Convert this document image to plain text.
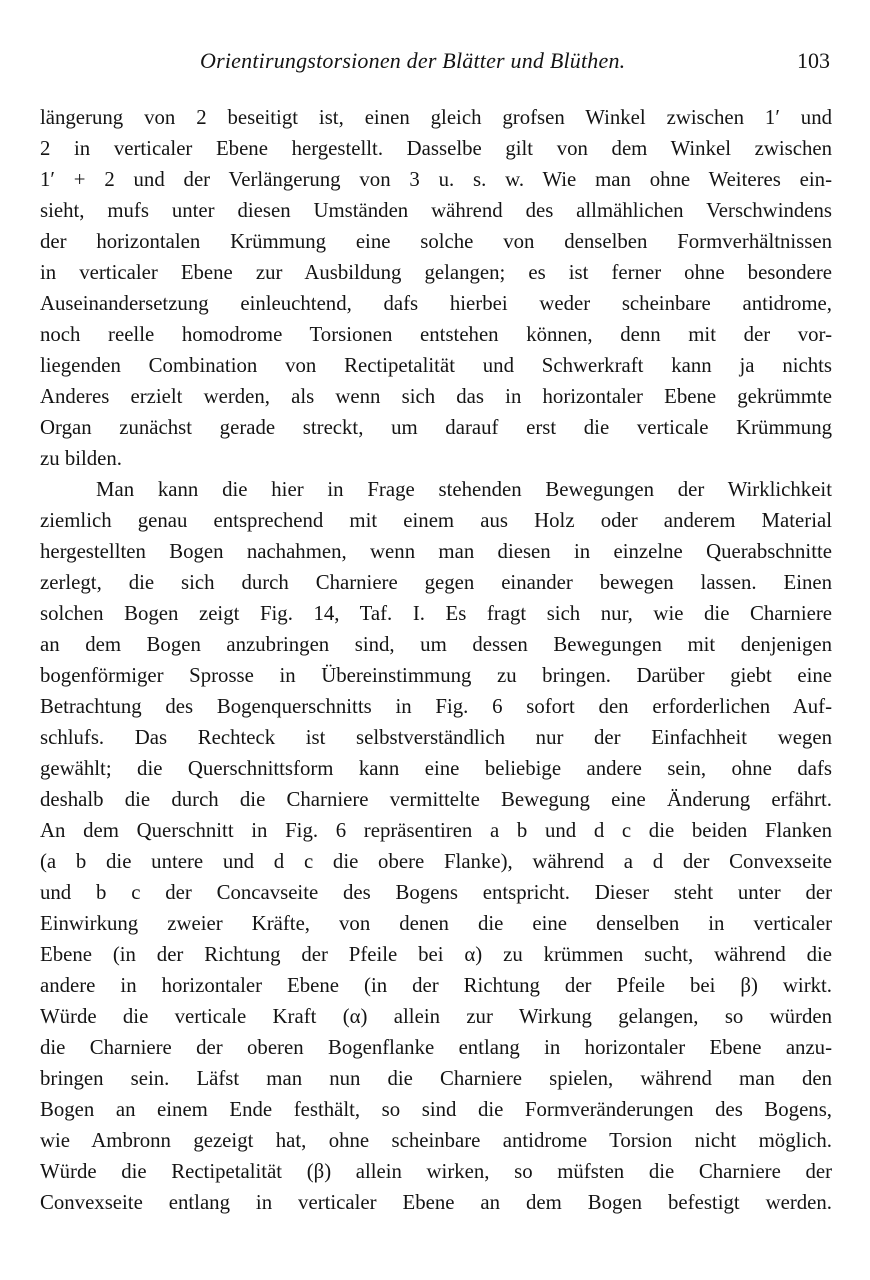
Orientirungstorsionen der Blätter und Blüthen.	103
längerung von 2 beseitigt ist, einen gleich grofsen Winkel zwischen 1′ und
2 in verticaler Ebene hergestellt. Dasselbe gilt von dem Winkel zwischen
1′ + 2 und der Verlängerung von 3 u. s. w. Wie man ohne Weiteres ein-
sieht, mufs unter diesen Umständen während des allmählichen Verschwindens
der horizontalen Krümmung eine solche von denselben Formverhältnissen
in verticaler Ebene zur Ausbildung gelangen; es ist ferner ohne besondere
Auseinandersetzung einleuchtend, dafs hierbei weder scheinbare antidrome,
noch reelle homodrome Torsionen entstehen können, denn mit der vor-
liegenden Combination von Rectipetalität und Schwerkraft kann ja nichts
Anderes erzielt werden, als wenn sich das in horizontaler Ebene gekrümmte
Organ zunächst gerade streckt, um darauf erst die verticale Krümmung
zu bilden.
Man kann die hier in Frage stehenden Bewegungen der Wirklichkeit
ziemlich genau entsprechend mit einem aus Holz oder anderem Material
hergestellten Bogen nachahmen, wenn man diesen in einzelne Querabschnitte
zerlegt, die sich durch Charniere gegen einander bewegen lassen. Einen
solchen Bogen zeigt Fig. 14, Taf. I. Es fragt sich nur, wie die Charniere
an dem Bogen anzubringen sind, um dessen Bewegungen mit denjenigen
bogenförmiger Sprosse in Übereinstimmung zu bringen. Darüber giebt eine
Betrachtung des Bogenquerschnitts in Fig. 6 sofort den erforderlichen Auf-
schlufs. Das Rechteck ist selbstverständlich nur der Einfachheit wegen
gewählt; die Querschnittsform kann eine beliebige andere sein, ohne dafs
deshalb die durch die Charniere vermittelte Bewegung eine Änderung erfährt.
An dem Querschnitt in Fig. 6 repräsentiren a b und d c die beiden Flanken
(a b die untere und d c die obere Flanke), während a d der Convexseite
und b c der Concavseite des Bogens entspricht. Dieser steht unter der
Einwirkung zweier Kräfte, von denen die eine denselben in verticaler
Ebene (in der Richtung der Pfeile bei α) zu krümmen sucht, während die
andere in horizontaler Ebene (in der Richtung der Pfeile bei β) wirkt.
Würde die verticale Kraft (α) allein zur Wirkung gelangen, so würden
die Charniere der oberen Bogenflanke entlang in horizontaler Ebene anzu-
bringen sein. Läfst man nun die Charniere spielen, während man den
Bogen an einem Ende festhält, so sind die Formveränderungen des Bogens,
wie Ambronn gezeigt hat, ohne scheinbare antidrome Torsion nicht möglich.
Würde die Rectipetalität (β) allein wirken, so müfsten die Charniere der
Convexseite entlang in verticaler Ebene an dem Bogen befestigt werden.
